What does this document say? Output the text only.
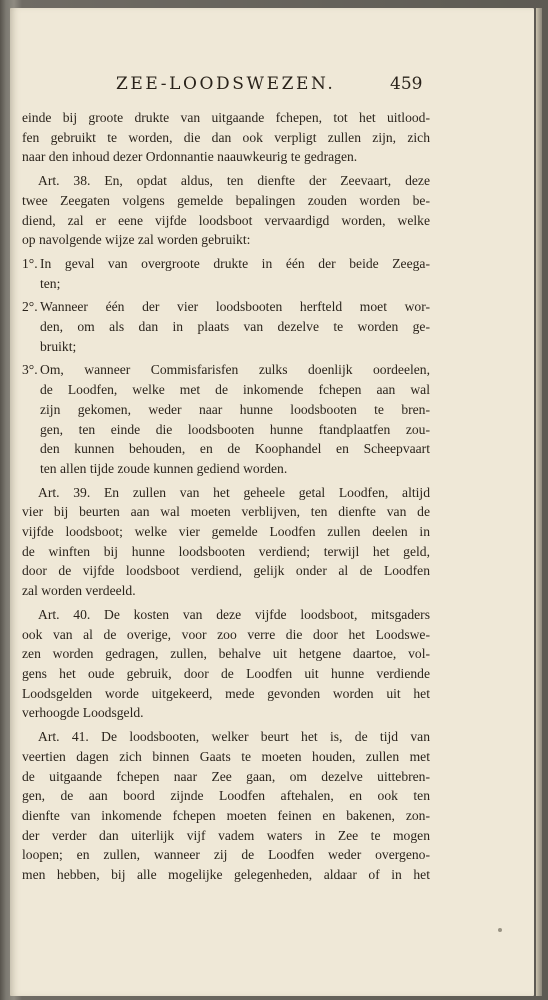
ZEE-LOODSWEZEN.	459
einde bij groote drukte van uitgaande fchepen, tot het uitlood-
fen gebruikt te worden, die dan ook verpligt zullen zijn, zich
naar den inhoud dezer Ordonnantie naauwkeurig te gedragen.
Art. 38. En, opdat aldus, ten dienfte der Zeevaart, deze
twee Zeegaten volgens gemelde bepalingen zouden worden be-
diend, zal er eene vijfde loodsboot vervaardigd worden, welke
op navolgende wijze zal worden gebruikt:
1°. In geval van overgroote drukte in één der beide Zeega-
ten;
2°. Wanneer één der vier loodsbooten herfteld moet wor-
den, om als dan in plaats van dezelve te worden ge-
bruikt;
3°. Om, wanneer Commisfarisfen zulks doenlijk oordeelen,
de Loodfen, welke met de inkomende fchepen aan wal
zijn gekomen, weder naar hunne loodsbooten te bren-
gen, ten einde die loodsbooten hunne ftandplaatfen zou-
den kunnen behouden, en de Koophandel en Scheepvaart
ten allen tijde zoude kunnen gediend worden.
Art. 39. En zullen van het geheele getal Loodfen, altijd
vier bij beurten aan wal moeten verblijven, ten dienfte van de
vijfde loodsboot; welke vier gemelde Loodfen zullen deelen in
de winften bij hunne loodsbooten verdiend; terwijl het geld,
door de vijfde loodsboot verdiend, gelijk onder al de Loodfen
zal worden verdeeld.
Art. 40. De kosten van deze vijfde loodsboot, mitsgaders
ook van al de overige, voor zoo verre die door het Loodswe-
zen worden gedragen, zullen, behalve uit hetgene daartoe, vol-
gens het oude gebruik, door de Loodfen uit hunne verdiende
Loodsgelden worde uitgekeerd, mede gevonden worden uit het
verhoogde Loodsgeld.
Art. 41. De loodsbooten, welker beurt het is, de tijd van
veertien dagen zich binnen Gaats te moeten houden, zullen met
de uitgaande fchepen naar Zee gaan, om dezelve uittebren-
gen, de aan boord zijnde Loodfen aftehalen, en ook ten
dienfte van inkomende fchepen moeten feinen en bakenen, zon-
der verder dan uiterlijk vijf vadem waters in Zee te mogen
loopen; en zullen, wanneer zij de Loodfen weder overgeno-
men hebben, bij alle mogelijke gelegenheden, aldaar of in het
